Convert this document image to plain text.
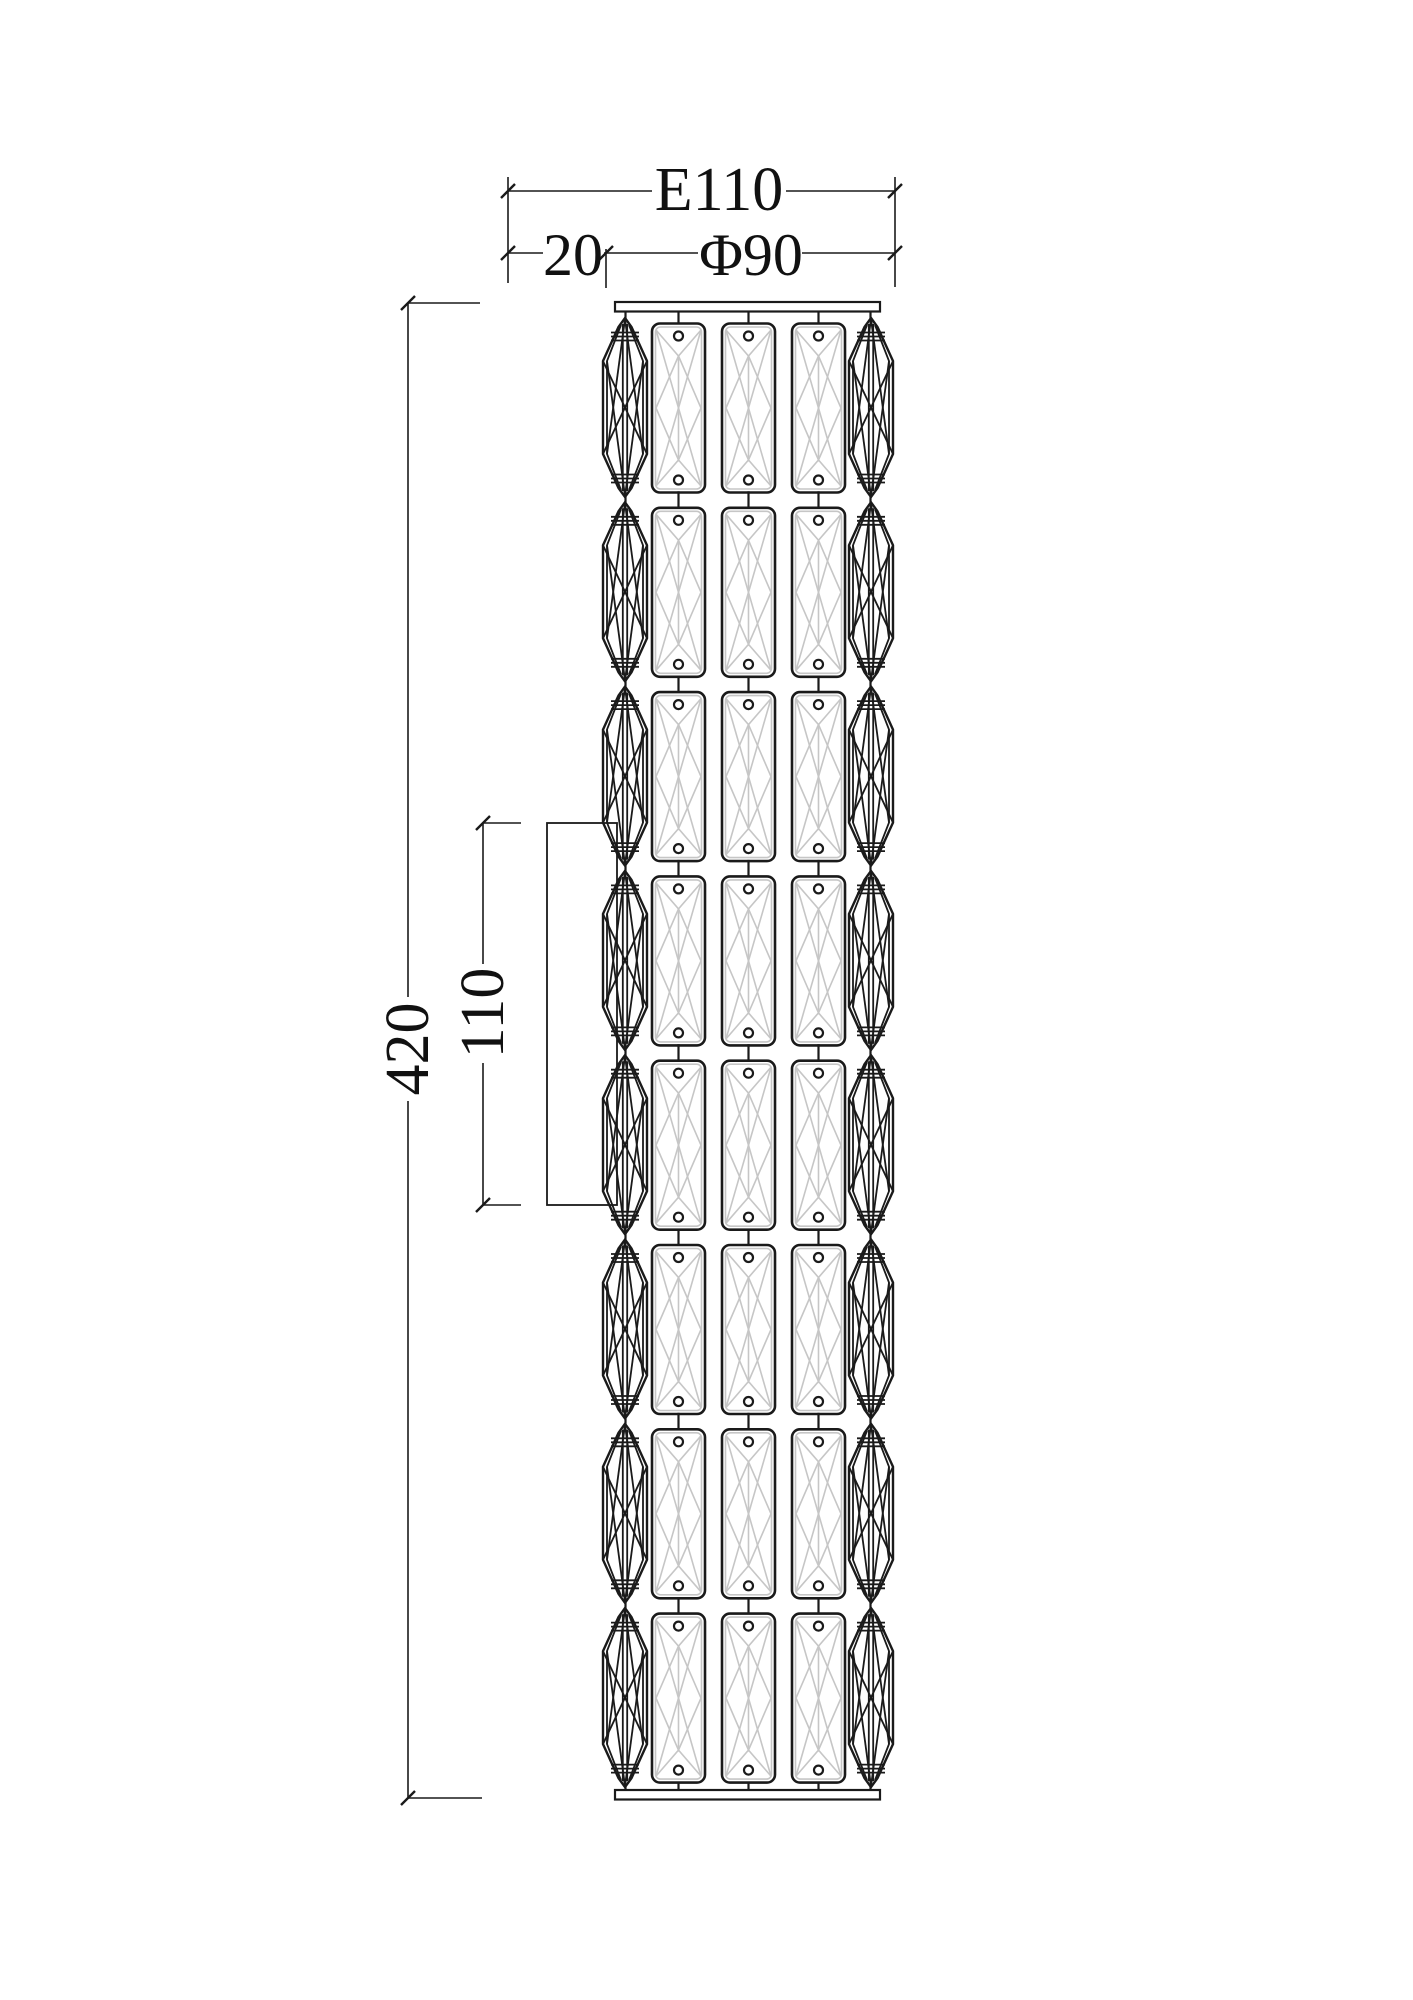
E110
20 Φ90
420 110
